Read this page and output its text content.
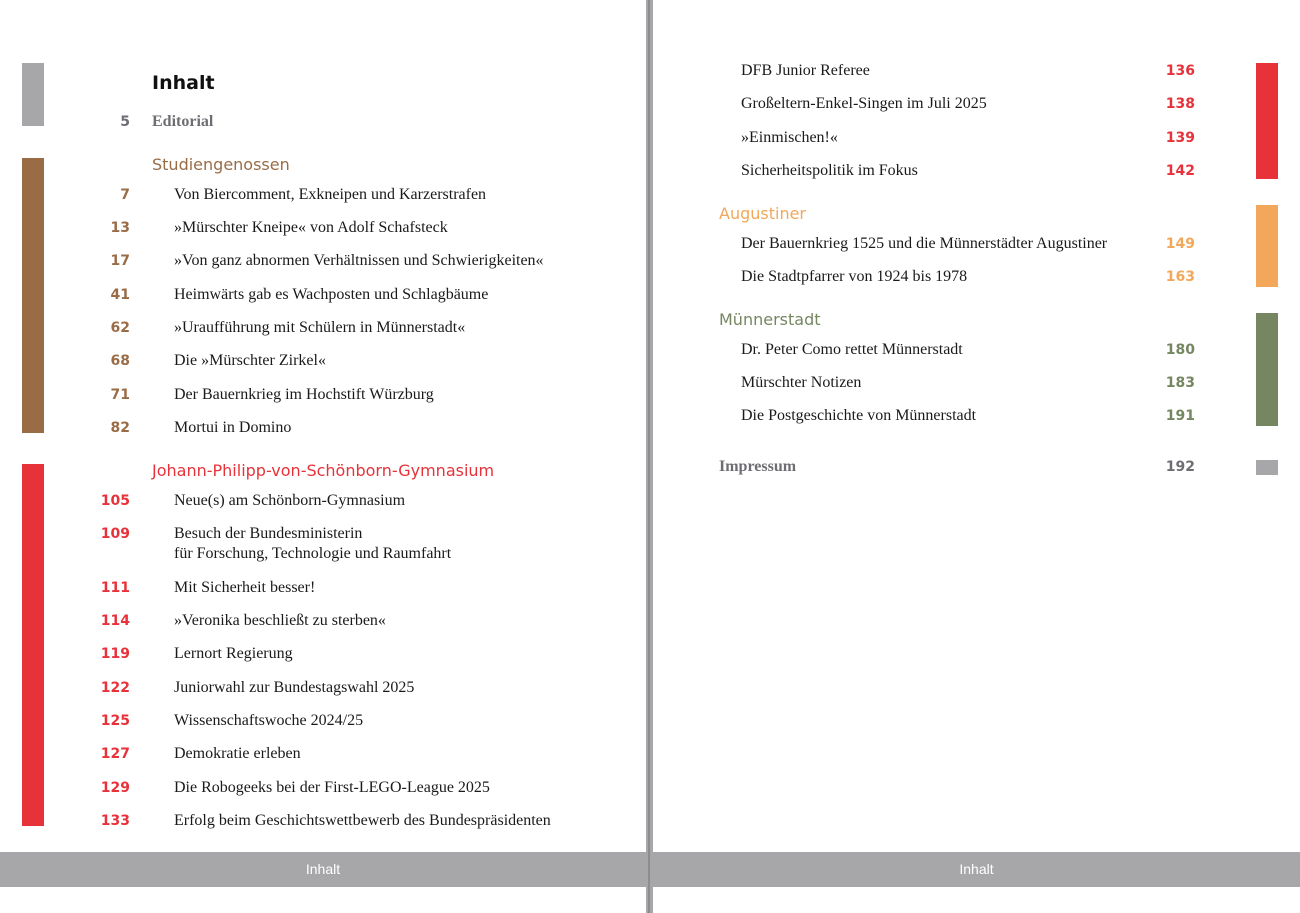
Inhalt
5 Editorial
Studiengenossen
7	Von Biercomment, Exkneipen und Karzerstrafen
13	»Mürschter Kneipe« von Adolf Schafsteck
17	»Von ganz abnormen Verhältnissen und Schwierigkeiten«
41	Heimwärts gab es Wachposten und Schlagbäume
62	»Uraufführung mit Schülern in Münnerstadt«
68	Die »Mürschter Zirkel«
71	Der Bauernkrieg im Hochstift Würzburg
82	Mortui in Domino
Johann-Philipp-von-Schönborn-Gymnasium
105	Neue(s) am Schönborn-Gymnasium
109	Besuch der Bundesministerin
für Forschung, Technologie und Raumfahrt
111	Mit Sicherheit besser!
114	»Veronika beschließt zu sterben«
119	Lernort Regierung
122	Juniorwahl zur Bundestagswahl 2025
125	Wissenschaftswoche 2024/25
127	Demokratie erleben
129	Die Robogeeks bei der First-LEGO-League 2025
133	Erfolg beim Geschichtswettbewerb des Bundespräsidenten
Inhalt
DFB Junior Referee	136
Großeltern-Enkel-Singen im Juli 2025	138
»Einmischen!«	139
Sicherheitspolitik im Fokus	142
Augustiner
Der Bauernkrieg 1525 und die Münnerstädter Augustiner	149
Die Stadtpfarrer von 1924 bis 1978	163
Münnerstadt
Dr. Peter Como rettet Münnerstadt	180
Mürschter Notizen	183
Die Postgeschichte von Münnerstadt	191
Impressum	192
Inhalt
